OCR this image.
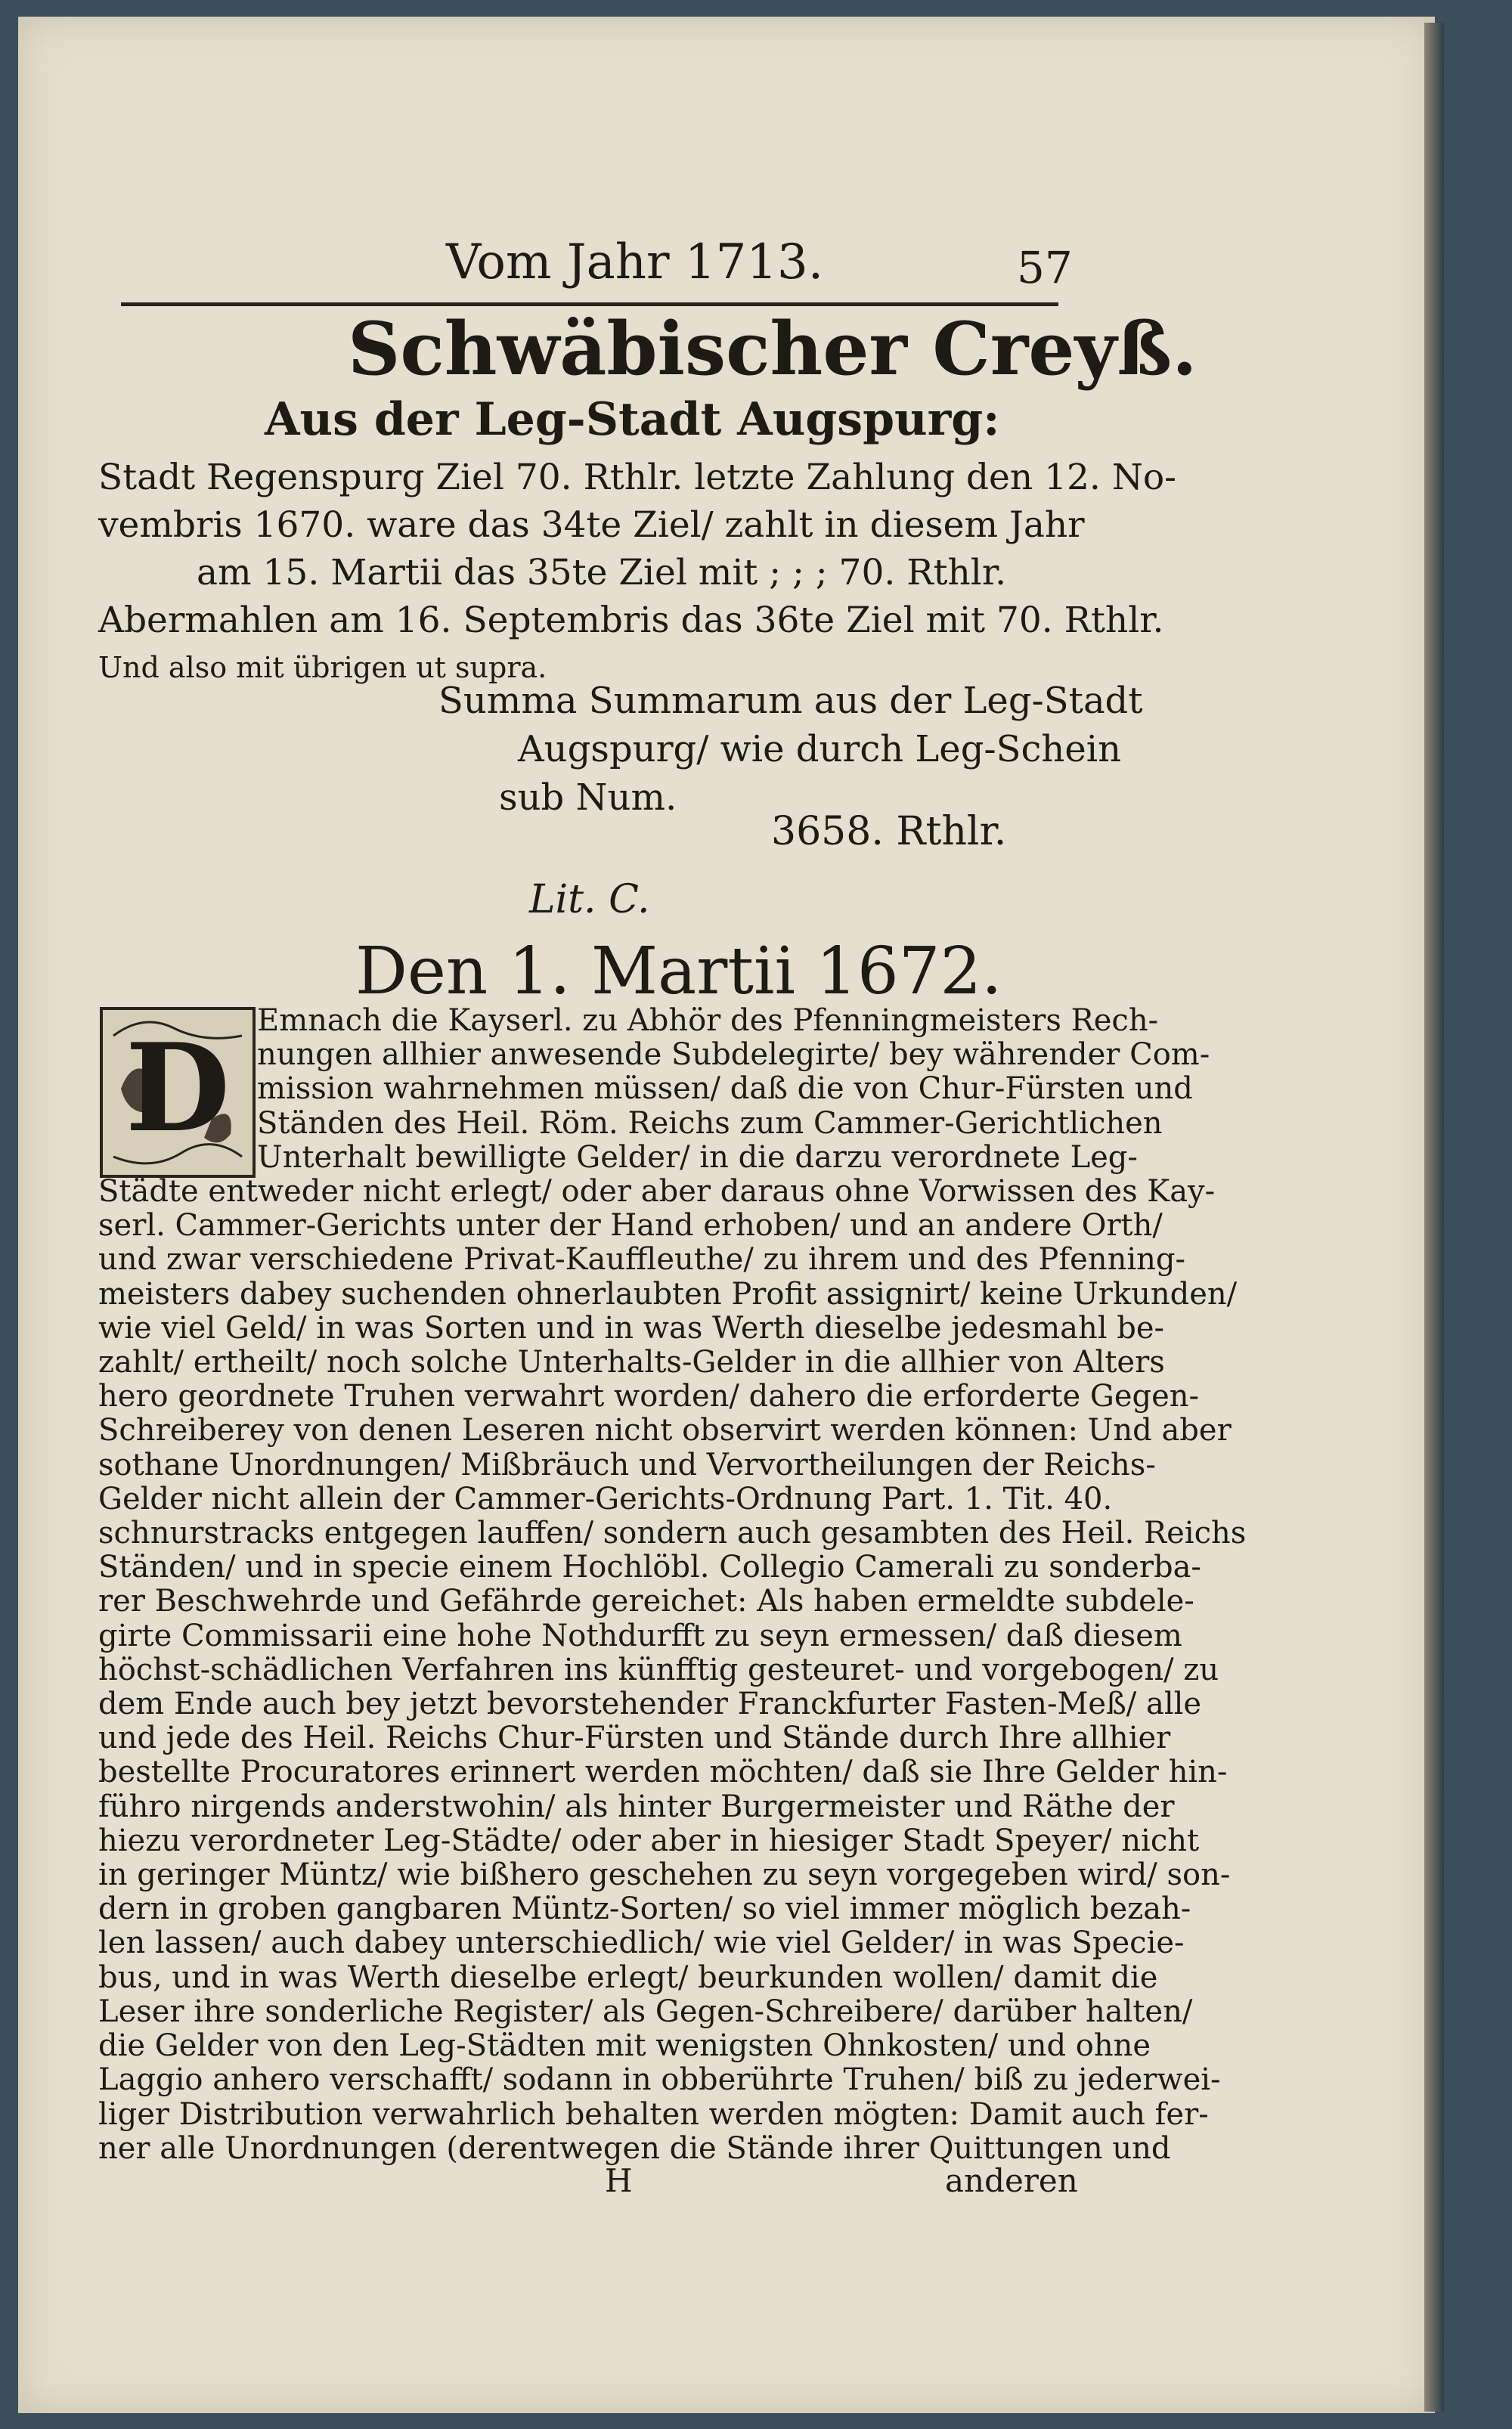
Vom Jahr 1713.	57
Schwäbischer Creyß.
Aus der Leg-Stadt Augspurg:
Stadt Regenspurg Ziel 70. Rthlr. letzte Zahlung den 12. No-
vembris 1670. ware das 34te Ziel/ zahlt in diesem Jahr
am 15. Martii das 35te Ziel mit ; ; ; 70. Rthlr.
Abermahlen am 16. Septembris das 36te Ziel mit 70. Rthlr.
Und also mit übrigen ut supra.
Summa Summarum aus der Leg-Stadt
Augspurg/ wie durch Leg-Schein
sub Num.
3658. Rthlr.
Lit. C.
Den 1. Martii 1672.
D Emnach die Kayserl. zu Abhör des Pfenningmeisters Rech-
nungen allhier anwesende Subdelegirte/ bey währender Com-
mission wahrnehmen müssen/ daß die von Chur-Fürsten und
Ständen des Heil. Röm. Reichs zum Cammer-Gerichtlichen
Unterhalt bewilligte Gelder/ in die darzu verordnete Leg-
Städte entweder nicht erlegt/ oder aber daraus ohne Vorwissen des Kay-
serl. Cammer-Gerichts unter der Hand erhoben/ und an andere Orth/
und zwar verschiedene Privat-Kauffleuthe/ zu ihrem und des Pfenning-
meisters dabey suchenden ohnerlaubten Profit assignirt/ keine Urkunden/
wie viel Geld/ in was Sorten und in was Werth dieselbe jedesmahl be-
zahlt/ ertheilt/ noch solche Unterhalts-Gelder in die allhier von Alters
hero geordnete Truhen verwahrt worden/ dahero die erforderte Gegen-
Schreiberey von denen Leseren nicht observirt werden können: Und aber
sothane Unordnungen/ Mißbräuch und Vervortheilungen der Reichs-
Gelder nicht allein der Cammer-Gerichts-Ordnung Part. 1. Tit. 40.
schnurstracks entgegen lauffen/ sondern auch gesambten des Heil. Reichs
Ständen/ und in specie einem Hochlöbl. Collegio Camerali zu sonderba-
rer Beschwehrde und Gefährde gereichet: Als haben ermeldte subdele-
girte Commissarii eine hohe Nothdurfft zu seyn ermessen/ daß diesem
höchst-schädlichen Verfahren ins künfftig gesteuret- und vorgebogen/ zu
dem Ende auch bey jetzt bevorstehender Franckfurter Fasten-Meß/ alle
und jede des Heil. Reichs Chur-Fürsten und Stände durch Ihre allhier
bestellte Procuratores erinnert werden möchten/ daß sie Ihre Gelder hin-
führo nirgends anderstwohin/ als hinter Burgermeister und Räthe der
hiezu verordneter Leg-Städte/ oder aber in hiesiger Stadt Speyer/ nicht
in geringer Müntz/ wie bißhero geschehen zu seyn vorgegeben wird/ son-
dern in groben gangbaren Müntz-Sorten/ so viel immer möglich bezah-
len lassen/ auch dabey unterschiedlich/ wie viel Gelder/ in was Specie-
bus, und in was Werth dieselbe erlegt/ beurkunden wollen/ damit die
Leser ihre sonderliche Register/ als Gegen-Schreibere/ darüber halten/
die Gelder von den Leg-Städten mit wenigsten Ohnkosten/ und ohne
Laggio anhero verschafft/ sodann in obberührte Truhen/ biß zu jederwei-
liger Distribution verwahrlich behalten werden mögten: Damit auch fer-
ner alle Unordnungen (derentwegen die Stände ihrer Quittungen und
H	anderen
